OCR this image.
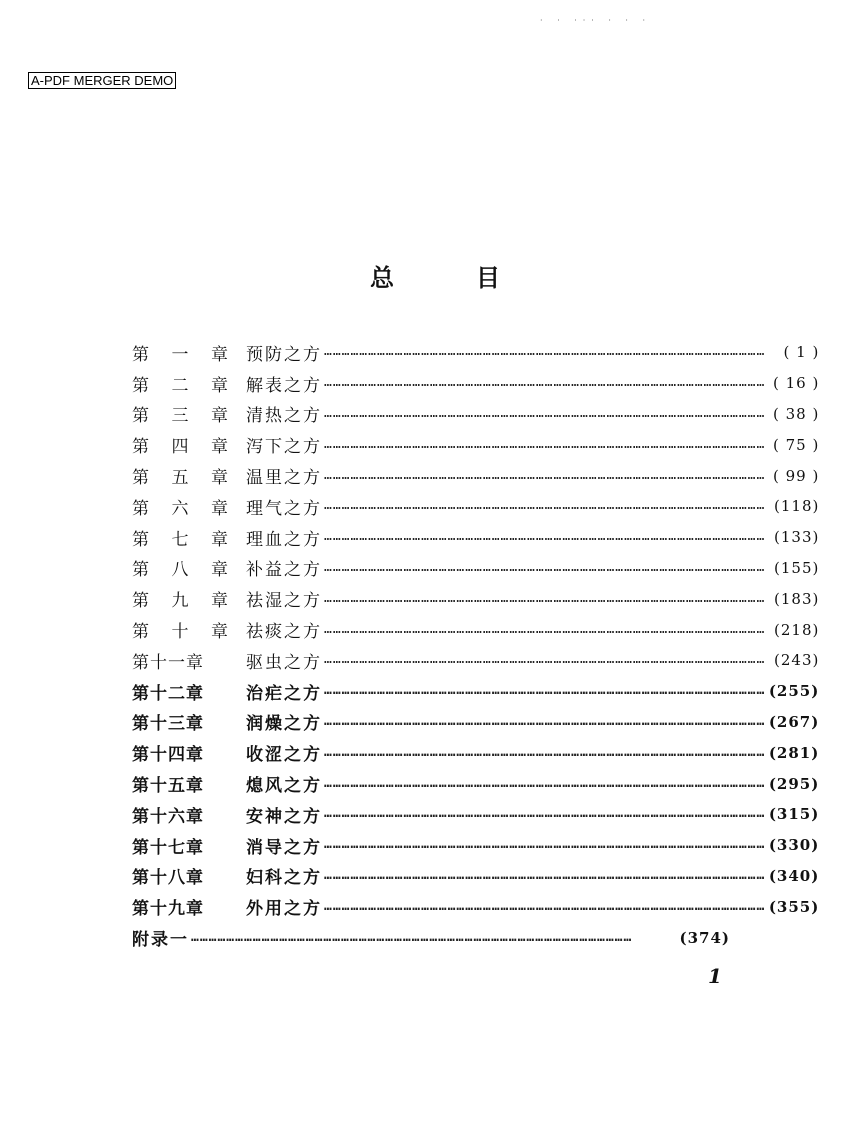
A-PDF MERGER DEMO
· · ··· · · ·
总	目
第 一 章 预防之方 ……………………………………………………………………………………………………………………………………	( 1 )
第 二 章 解表之方 …………………………………………………………………………………………………………………………………… ( 16 )
第 三 章 清热之方 …………………………………………………………………………………………………………………………………… ( 38 )
第 四 章 泻下之方 …………………………………………………………………………………………………………………………………… ( 75 )
第 五 章 温里之方 …………………………………………………………………………………………………………………………………… ( 99 )
第 六 章 理气之方 …………………………………………………………………………………………………………………………………… (118)
第 七 章 理血之方 …………………………………………………………………………………………………………………………………… (133)
第 八 章 补益之方 …………………………………………………………………………………………………………………………………… (155)
第 九 章 祛湿之方 …………………………………………………………………………………………………………………………………… (183)
第 十 章 祛痰之方 …………………………………………………………………………………………………………………………………… (218)
第十一章	驱虫之方 …………………………………………………………………………………………………………………………………… (243)
第十二章	治疟之方 …………………………………………………………………………………………………………………………………… (255)
第十三章	润燥之方 …………………………………………………………………………………………………………………………………… (267)
第十四章	收涩之方 …………………………………………………………………………………………………………………………………… (281)
第十五章	熄风之方 …………………………………………………………………………………………………………………………………… (295)
第十六章	安神之方 …………………………………………………………………………………………………………………………………… (315)
第十七章	消导之方 …………………………………………………………………………………………………………………………………… (330)
第十八章	妇科之方 …………………………………………………………………………………………………………………………………… (340)
第十九章	外用之方 …………………………………………………………………………………………………………………………………… (355)
附录一 ……………………………………………………………………………………………………………………………………	(374)
1
